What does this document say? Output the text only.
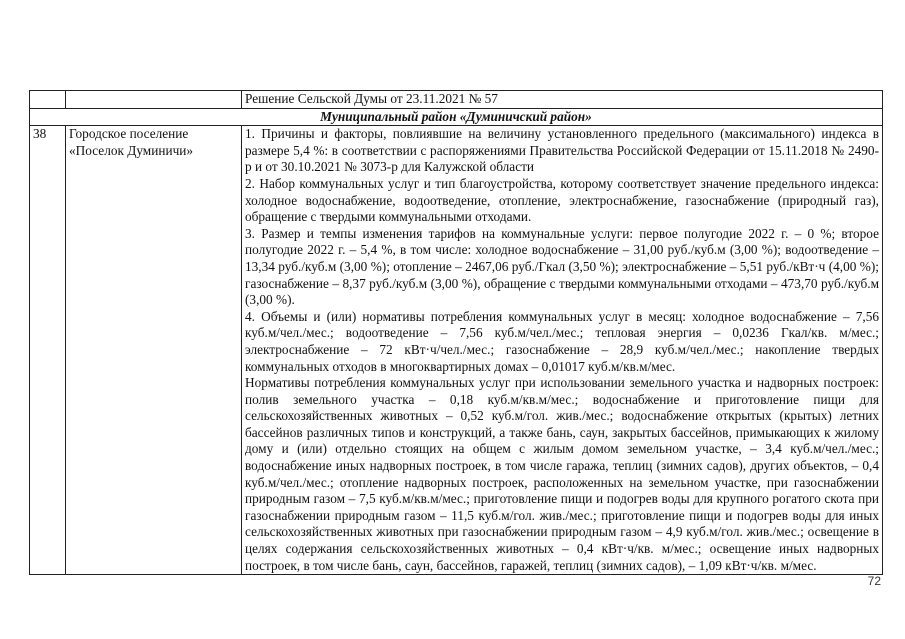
		Решение Сельской Думы от 23.11.2021 № 57
Муниципальный район «Думиничский район»		
38	Городское поселение «Поселок Думиничи»	1. Причины и факторы, повлиявшие на величину установленного предельного (максимального) индекса в размере 5,4 %: в соответствии с распоряжениями Правительства Российской Федерации от 15.11.2018 № 2490-р и от 30.10.2021 № 3073-р для Калужской области

2. Набор коммунальных услуг и тип благоустройства, которому соответствует значение предельного индекса: холодное водоснабжение, водоотведение, отопление, электроснабжение, газоснабжение (природный газ), обращение с твердыми коммунальными отходами.

3. Размер и темпы изменения тарифов на коммунальные услуги: первое полугодие 2022 г. – 0 %; второе полугодие 2022 г. – 5,4 %, в том числе: холодное водоснабжение – 31,00 руб./куб.м (3,00 %); водоотведение – 13,34 руб./куб.м (3,00 %); отопление – 2467,06 руб./Гкал (3,50 %); электроснабжение – 5,51 руб./кВт·ч (4,00 %); газоснабжение – 8,37 руб./куб.м (3,00 %), обращение с твердыми коммунальными отходами – 473,70 руб./куб.м (3,00 %).

4. Объемы и (или) нормативы потребления коммунальных услуг в месяц: холодное водоснабжение – 7,56 куб.м/чел./мес.; водоотведение – 7,56 куб.м/чел./мес.; тепловая энергия – 0,0236 Гкал/кв. м/мес.; электроснабжение – 72 кВт·ч/чел./мес.; газоснабжение – 28,9 куб.м/чел./мес.; накопление твердых коммунальных отходов в многоквартирных домах – 0,01017 куб.м/кв.м/мес.

Нормативы потребления коммунальных услуг при использовании земельного участка и надворных построек: полив земельного участка – 0,18 куб.м/кв.м/мес.; водоснабжение и приготовление пищи для сельскохозяйственных животных – 0,52 куб.м/гол. жив./мес.; водоснабжение открытых (крытых) летних бассейнов различных типов и конструкций, а также бань, саун, закрытых бассейнов, примыкающих к жилому дому и (или) отдельно стоящих на общем с жилым домом земельном участке, – 3,4 куб.м/чел./мес.; водоснабжение иных надворных построек, в том числе гаража, теплиц (зимних садов), других объектов, – 0,4 куб.м/чел./мес.; отопление надворных построек, расположенных на земельном участке, при газоснабжении природным газом – 7,5 куб.м/кв.м/мес.; приготовление пищи и подогрев воды для крупного рогатого скота при газоснабжении природным газом – 11,5 куб.м/гол. жив./мес.; приготовление пищи и подогрев воды для иных сельскохозяйственных животных при газоснабжении природным газом – 4,9 куб.м/гол. жив./мес.; освещение в целях содержания сельскохозяйственных животных – 0,4 кВт·ч/кв. м/мес.; освещение иных надворных построек, в том числе бань, саун, бассейнов, гаражей, теплиц (зимних садов), – 1,09 кВт·ч/кв. м/мес.

72
